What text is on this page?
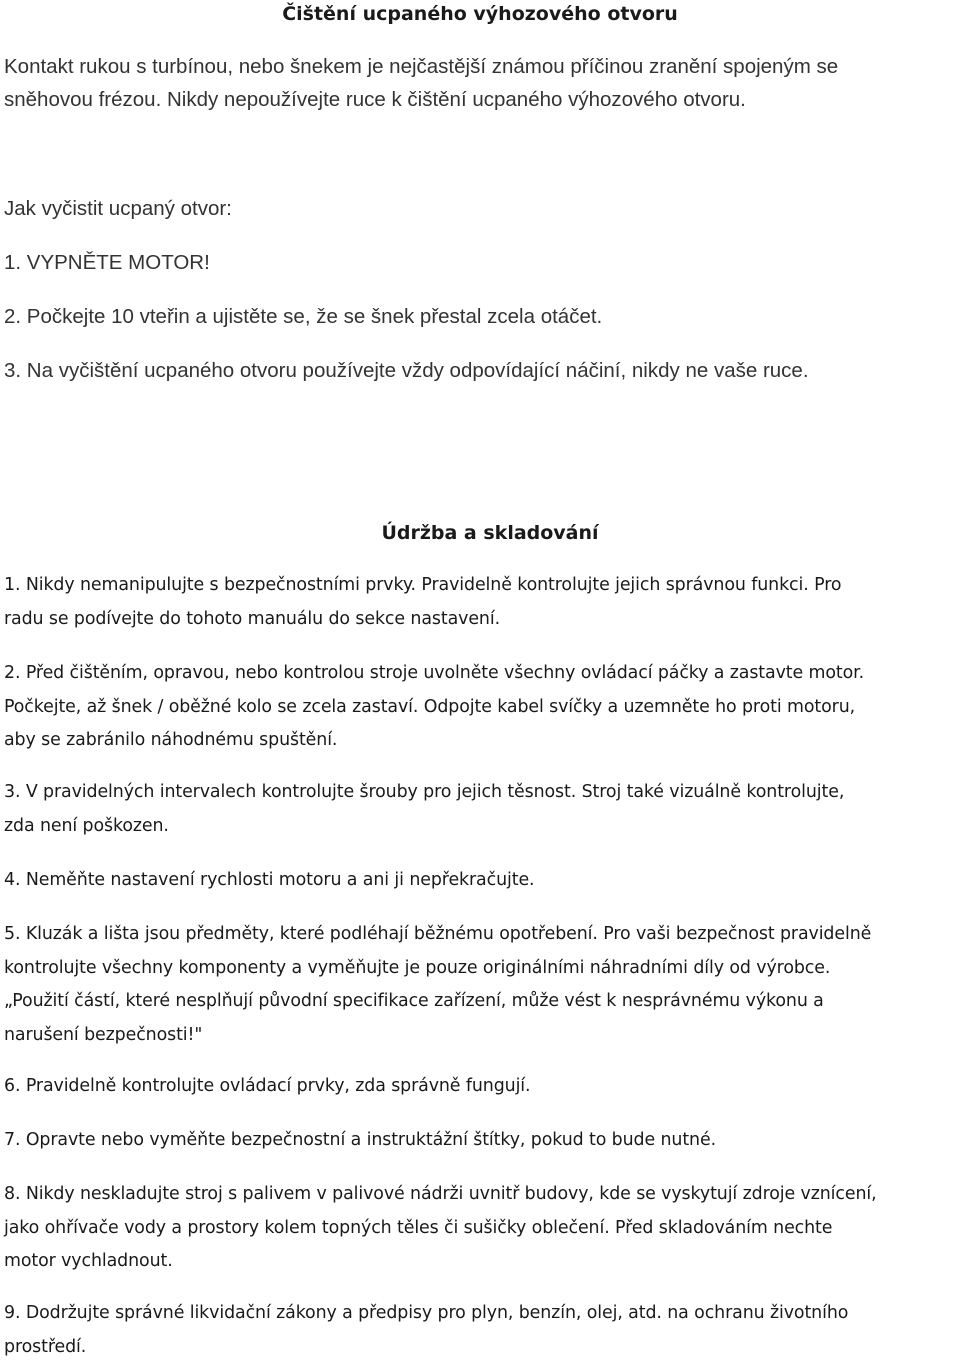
Čištění ucpaného výhozového otvoru

Kontakt rukou s turbínou, nebo šnekem je nejčastější známou příčinou zranění spojeným se
sněhovou frézou. Nikdy nepoužívejte ruce k čištění ucpaného výhozového otvoru.

Jak vyčistit ucpaný otvor:

1. VYPNĚTE MOTOR!

2. Počkejte 10 vteřin a ujistěte se, že se šnek přestal zcela otáčet.

3. Na vyčištění ucpaného otvoru používejte vždy odpovídající náčiní, nikdy ne vaše ruce.

Údržba a skladování

1. Nikdy nemanipulujte s bezpečnostními prvky. Pravidelně kontrolujte jejich správnou funkci. Pro
radu se podívejte do tohoto manuálu do sekce nastavení.

2. Před čištěním, opravou, nebo kontrolou stroje uvolněte všechny ovládací páčky a zastavte motor.
Počkejte, až šnek / oběžné kolo se zcela zastaví. Odpojte kabel svíčky a uzemněte ho proti motoru,
aby se zabránilo náhodnému spuštění.

3. V pravidelných intervalech kontrolujte šrouby pro jejich těsnost. Stroj také vizuálně kontrolujte,
zda není poškozen.

4. Neměňte nastavení rychlosti motoru a ani ji nepřekračujte.

5. Kluzák a lišta jsou předměty, které podléhají běžnému opotřebení. Pro vaši bezpečnost pravidelně
kontrolujte všechny komponenty a vyměňujte je pouze originálními náhradními díly od výrobce.
„Použití částí, které nesplňují původní specifikace zařízení, může vést k nesprávnému výkonu a
narušení bezpečnosti!"

6. Pravidelně kontrolujte ovládací prvky, zda správně fungují.

7. Opravte nebo vyměňte bezpečnostní a instruktážní štítky, pokud to bude nutné.

8. Nikdy neskladujte stroj s palivem v palivové nádrži uvnitř budovy, kde se vyskytují zdroje vznícení,
jako ohřívače vody a prostory kolem topných těles či sušičky oblečení. Před skladováním nechte
motor vychladnout.

9. Dodržujte správné likvidační zákony a předpisy pro plyn, benzín, olej, atd. na ochranu životního
prostředí.
